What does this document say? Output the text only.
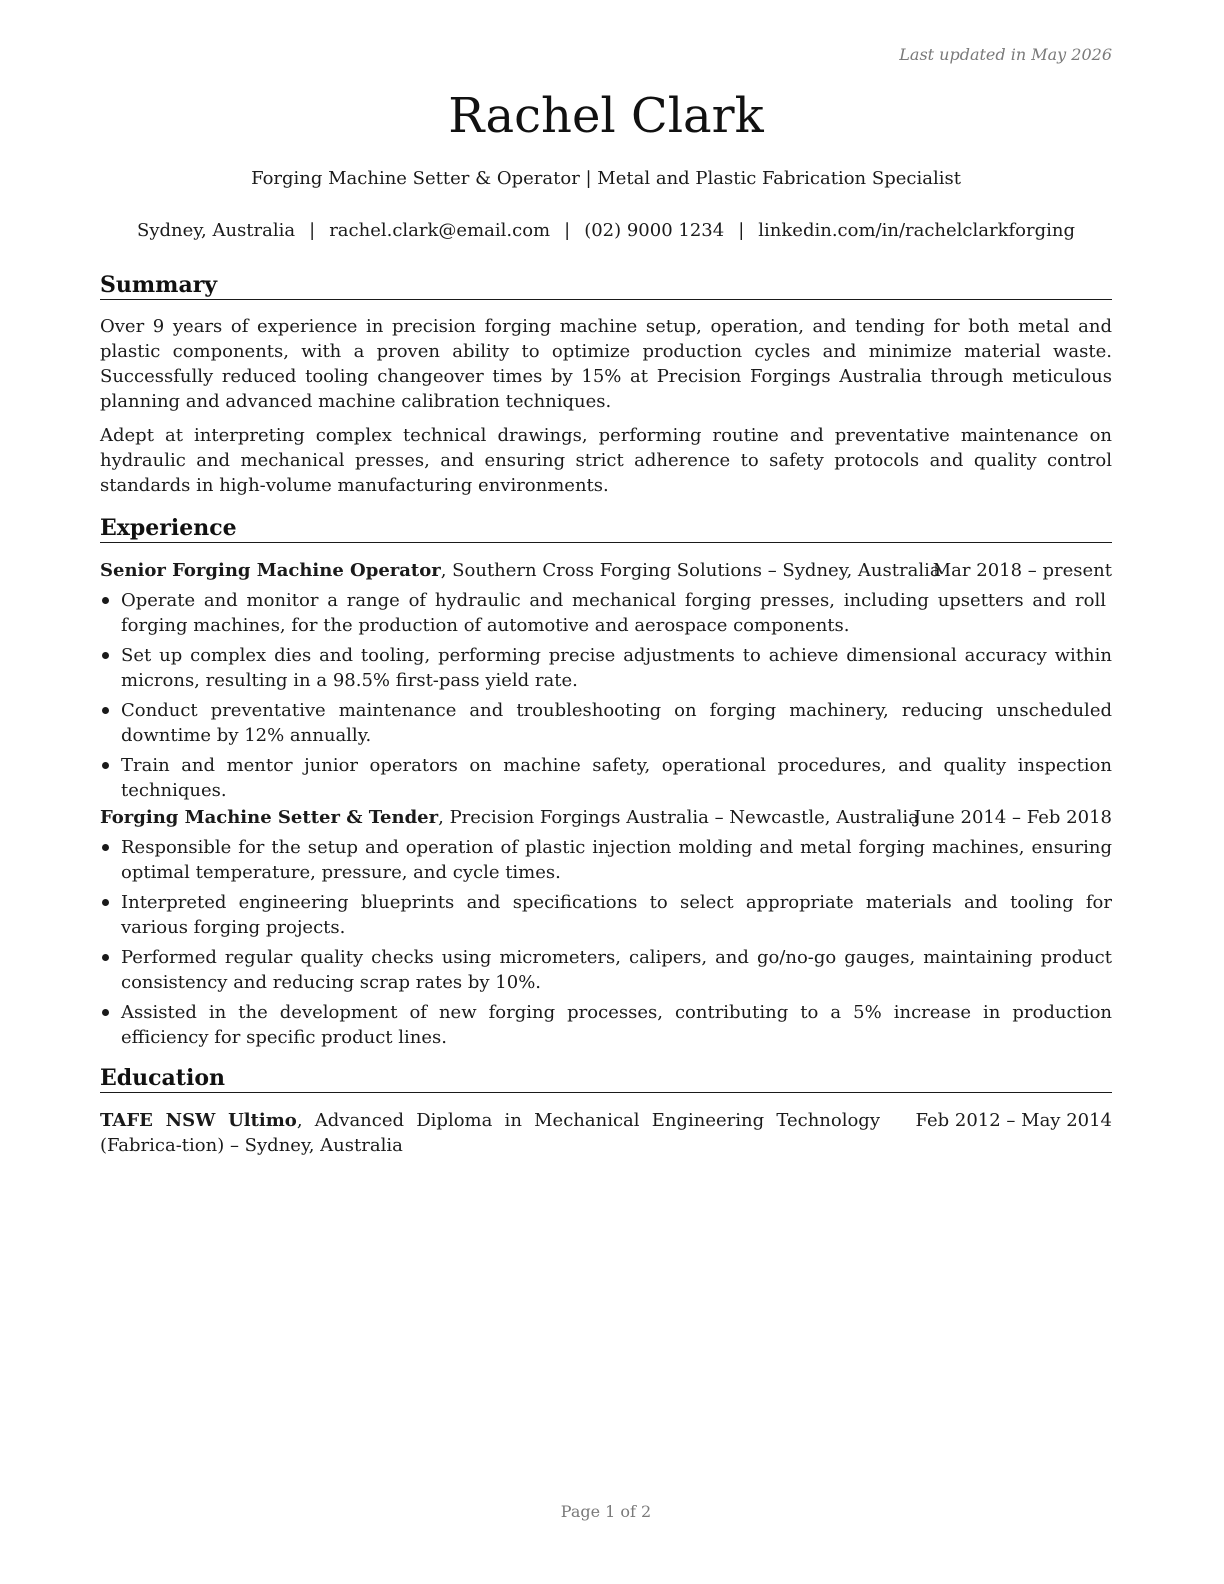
Last updated in May 2026
Rachel Clark
Forging Machine Setter & Operator | Metal and Plastic Fabrication Specialist
Sydney, Australia | rachel.clark@email.com | (02) 9000 1234 | linkedin.com/in/rachelclarkforging
Summary

Over 9 years of experience in precision forging machine setup, operation, and tending for both metal and plastic components, with a proven ability to optimize production cycles and minimize material waste. Successfully reduced tooling changeover times by 15% at Precision Forgings Australia through meticulous planning and advanced machine calibration techniques.

Adept at interpreting complex technical drawings, performing routine and preventative maintenance on hydraulic and mechanical presses, and ensuring strict adherence to safety protocols and quality control standards in high-volume manufacturing environments.

Experience
Senior Forging Machine Operator, Southern Cross Forging Solutions – Sydney, Australia
Mar 2018 – present
Operate and monitor a range of hydraulic and mechanical forging presses, including upsetters and roll forging machines, for the production of automotive and aerospace components.
Set up complex dies and tooling, performing precise adjustments to achieve dimensional accuracy within microns, resulting in a 98.5% first-pass yield rate.
Conduct preventative maintenance and troubleshooting on forging machinery, reducing unscheduled downtime by 12% annually.
Train and mentor junior operators on machine safety, operational procedures, and quality inspection techniques.
Forging Machine Setter & Tender, Precision Forgings Australia – Newcastle, Australia
June 2014 – Feb 2018
Responsible for the setup and operation of plastic injection molding and metal forging machines, ensuring optimal temperature, pressure, and cycle times.
Interpreted engineering blueprints and specifications to select appropriate materials and tooling for various forging projects.
Performed regular quality checks using micrometers, calipers, and go/no-go gauges, maintaining product consistency and reducing scrap rates by 10%.
Assisted in the development of new forging processes, contributing to a 5% increase in production efficiency for specific product lines.
Education
TAFE NSW Ultimo, Advanced Diploma in Mechanical Engineering Technology (Fabrica-tion) – Sydney, Australia
Feb 2012 – May 2014
Page 1 of 2
